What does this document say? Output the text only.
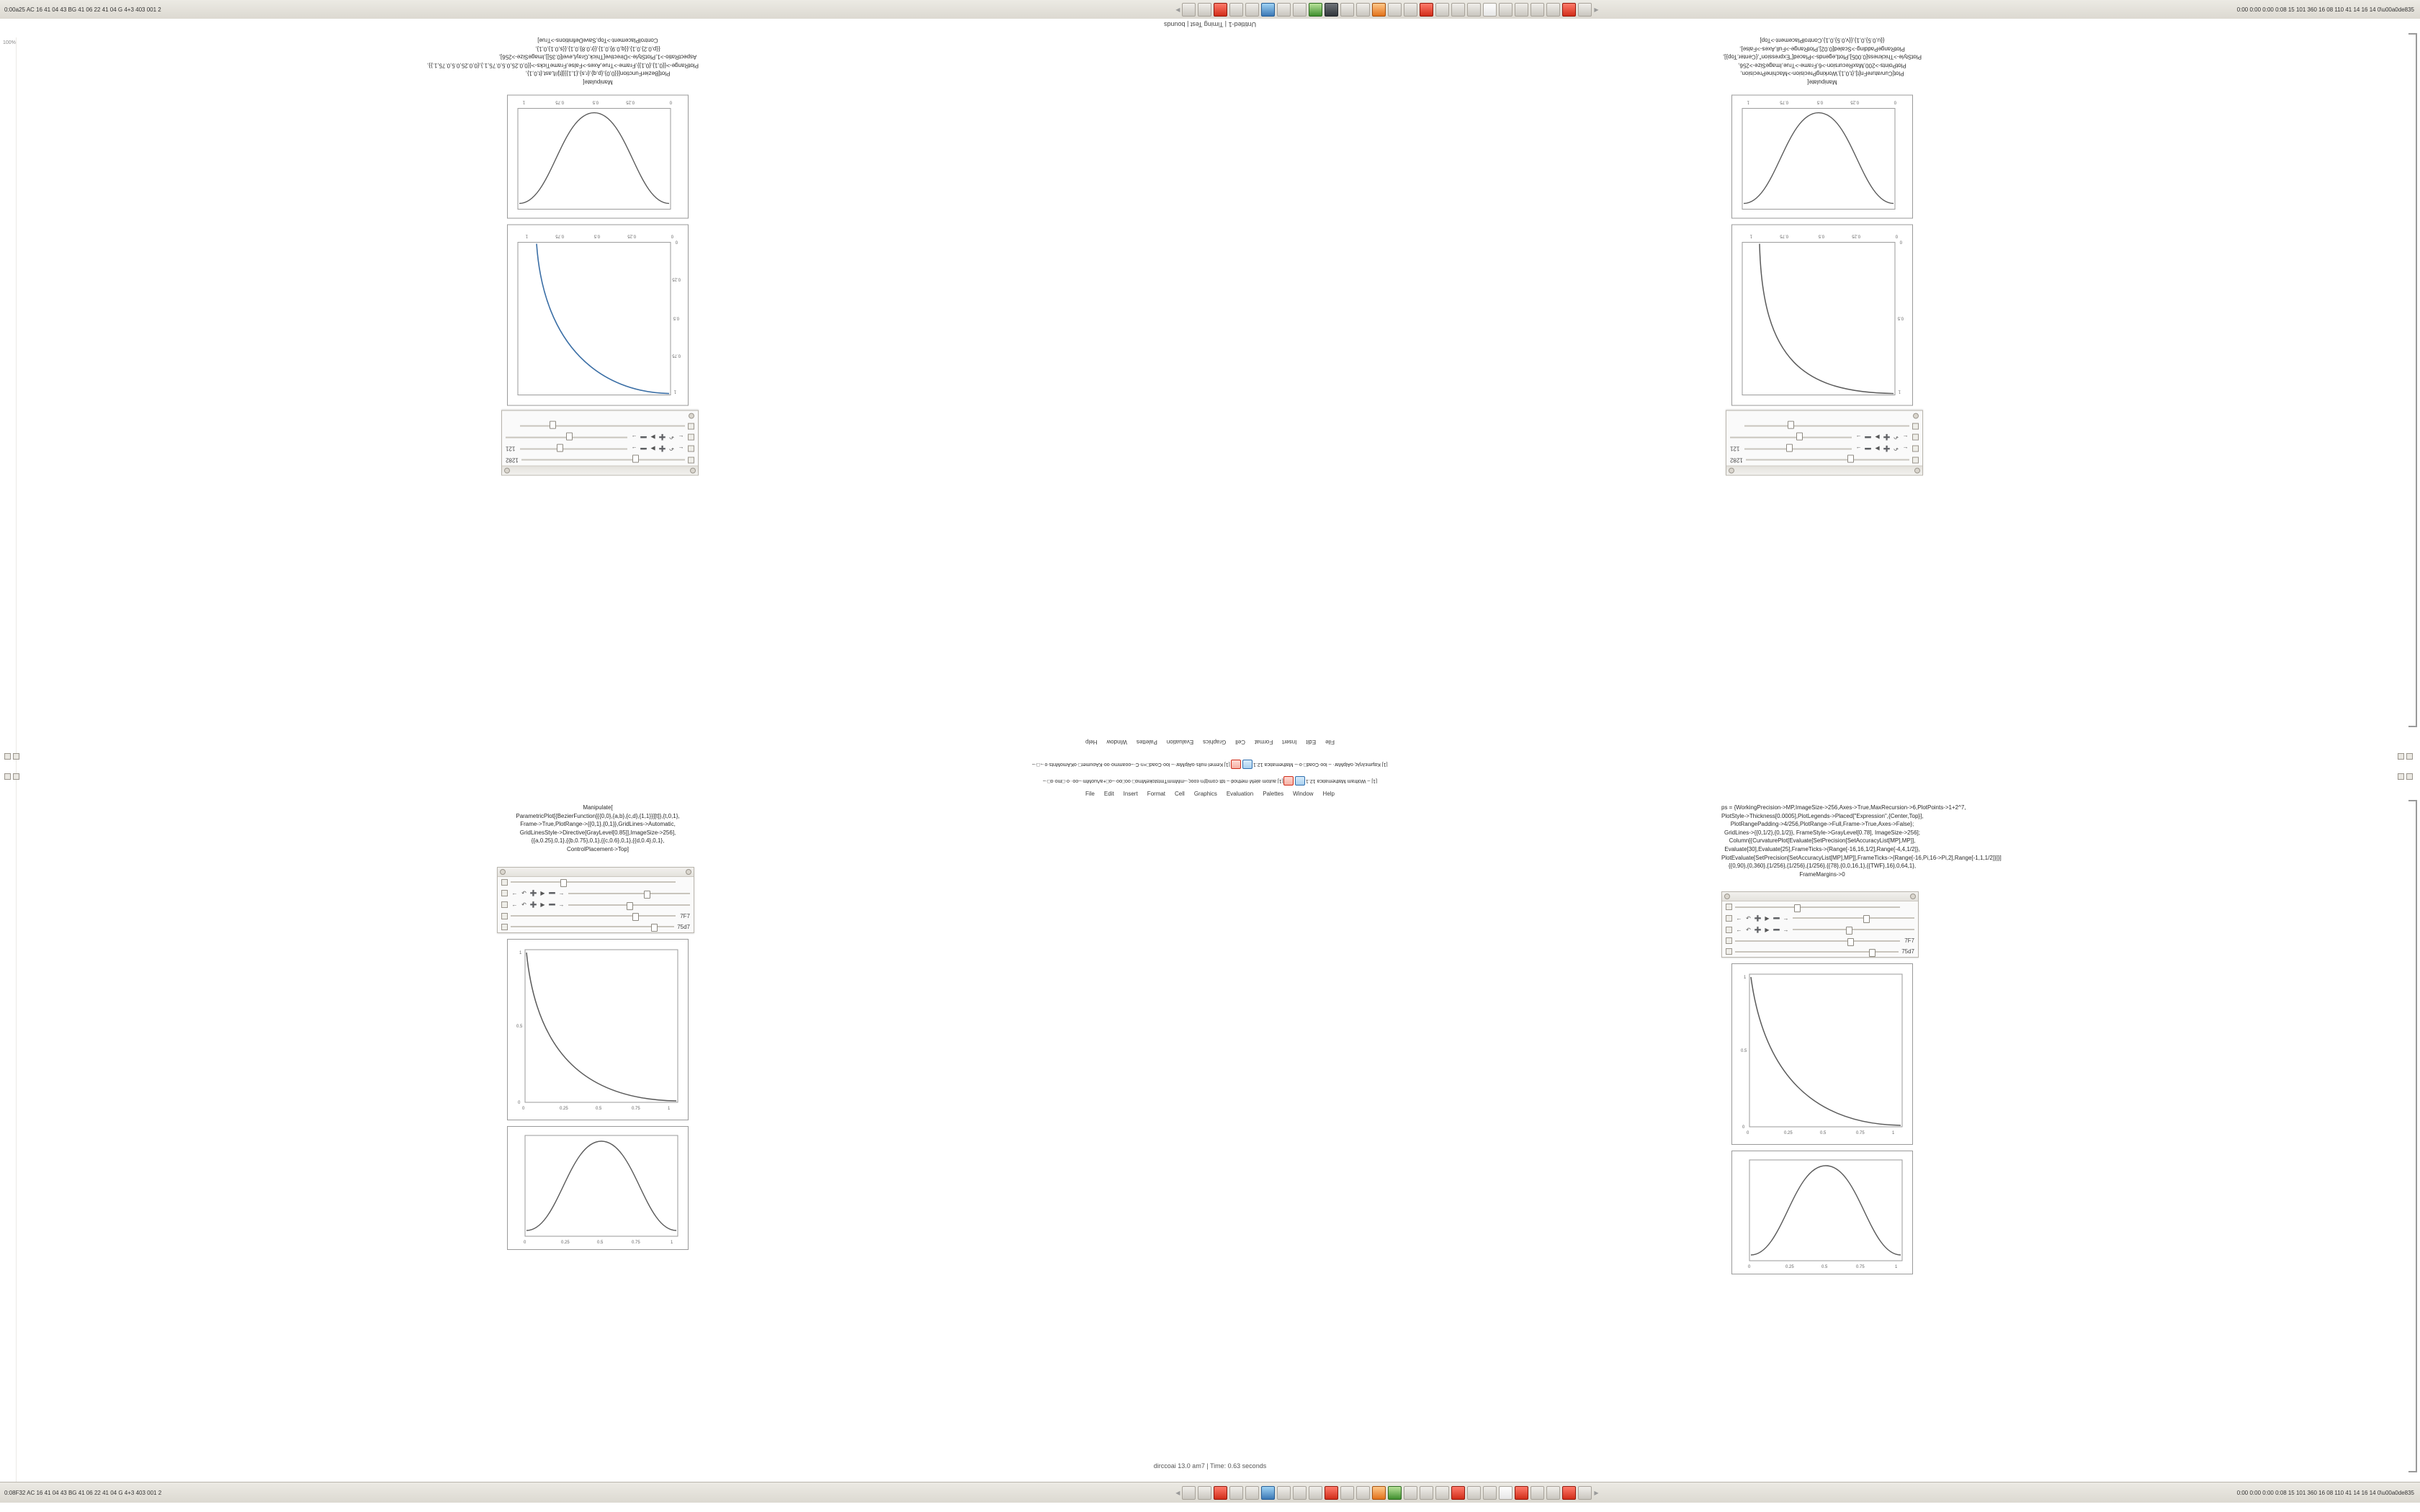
0:00a25 AC 16 41 04 43 BG 41 06 22 41 04 G 4+3 403 001 2	◀	▶	0:00 0:00 0:00 0:08 15 101 360 16 08 110 41 14 16 14 0\u00a0de835
Untitled-1 | Timing Test | bounds
100%
1282
←
↶
➕
▶
➖
→
121
←
↶
➕
▶
➖
→
0
0.25
0.5
0.75
1
0
0.25
0.5
0.75
1
0
0.25
0.5
0.75
1
Manipulate[
Plot[BezierFunction[{{0,0},{p,q},{r,s},{1,1}}][t]//Last,{t,0,1},
PlotRange->{{0,1},{0,1}},Frame->True,Axes->False,FrameTicks->{{0,0.25,0.5,0.75,1.},{0,0.25,0.5,0.75,1.}},
AspectRatio->1,PlotStyle->Directive[Thick,GrayLevel[0.35]],ImageSize->256],
{{p,0.2},0,1},{{q,0.9},0,1},{{r,0.8},0,1},{{s,0.1},0,1},
ControlPlacement->Top,SaveDefinitions->True]
1282
←
↶
➕
▶
➖
→
121
←
↶
➕
▶
➖
→
0
0.25
0.5
0.75
1
0
0.5
1
0
0.25
0.5
0.75
1
Manipulate[
Plot[CurvatureFn[t],{t,0,1},WorkingPrecision->MachinePrecision,
PlotPoints->200,MaxRecursion->6,Frame->True,ImageSize->256,
PlotStyle->Thickness[0.005],PlotLegends->Placed["Expression",{Center,Top}],
PlotRangePadding->Scaled[0.02],PlotRange->Full,Axes->False],
{{u,0.5},0,1},{{v,0.5},0,1},ControlPlacement->Top]
File
Edit
Insert
Format
Cell
Graphics
Evaluation
Palettes
Window
Help
[1] Kernel·nulls·oAlpMar·– loo·Coad□+n·C·–ooammo·oo·ΚAoumer□·oΚAmoMnts·o→□·–	[1] Καμmεληλς·οAlpMar· – loo·Coad□·o·– Mathematica 12.1
[1] autom·aleM·method·– tdt·com@n·εοoς·–mMmmTmtstokeMmo□·oo□oo·–o□+aΛuoMm·–oo··o·□mo·o□·–	[1] – Wolfram Mathematica 12.1
File Edit Insert Format Cell Graphics Evaluation Palettes Window Help
Manipulate[
ParametricPlot[{BezierFunction[{{0,0},{a,b},{c,d},{1,1}}][t]},{t,0,1},
Frame->True,PlotRange->{{0,1},{0,1}},GridLines->Automatic,
GridLinesStyle->Directive[GrayLevel[0.85]],ImageSize->256],
{{a,0.25},0,1},{{b,0.75},0,1},{{c,0.6},0,1},{{d,0.4},0,1},
ControlPlacement->Top]
← ↶ ➕ ▶ ➖ →
← ↶ ➕ ▶ ➖ →
7F7
75d7
0	0.25	0.5	0.75	1
0
0.5
1
0	0.25	0.5	0.75	1
ps = {WorkingPrecision->MP,ImageSize->256,Axes->True,MaxRecursion->6,PlotPoints->1+2^7,
PlotStyle->Thickness[0.0005],PlotLegends->Placed["Expression",{Center,Top}],
PlotRangePadding->4/256,PlotRange->Full,Frame->True,Axes->False};
GridLines->{{0,1/2},{0,1/2}}, FrameStyle->GrayLevel[0.78], ImageSize->256];
Column[{CurvaturePlot[Evaluate[SetPrecision[SetAccuracyList[MP],MP]],
Evaluate[30],Evaluate[25],FrameTicks->{Range[-16,16,1/2],Range[-4,4,1/2]},
PlotEvaluate[SetPrecision[SetAccuracyList[MP],MP]],FrameTicks->{Range[-16,Pi,16->Pi,2],Range[-1,1,1/2]}]}]
{{0,90},{0,360},{1/256},{1/256},{1/256},{{78},{0,0,16,1},{{TWF},16},0,64,1},
FrameMargins->0
← ↶ ➕ ▶ ➖ →
← ↶ ➕ ▶ ➖ →
7F7
75d7
0	0.25	0.5	0.75	1
0
0.5
1
0	0.25	0.5	0.75	1
dirccoai 13.0 am7 | Time: 0.63 seconds
0:08F32 AC 16 41 04 43 BG 41 06 22 41 04 G 4+3 403 001 2	◀	▶	0:00 0:00 0:00 0:08 15 101 360 16 08 110 41 14 16 14 0\u00a0de835
